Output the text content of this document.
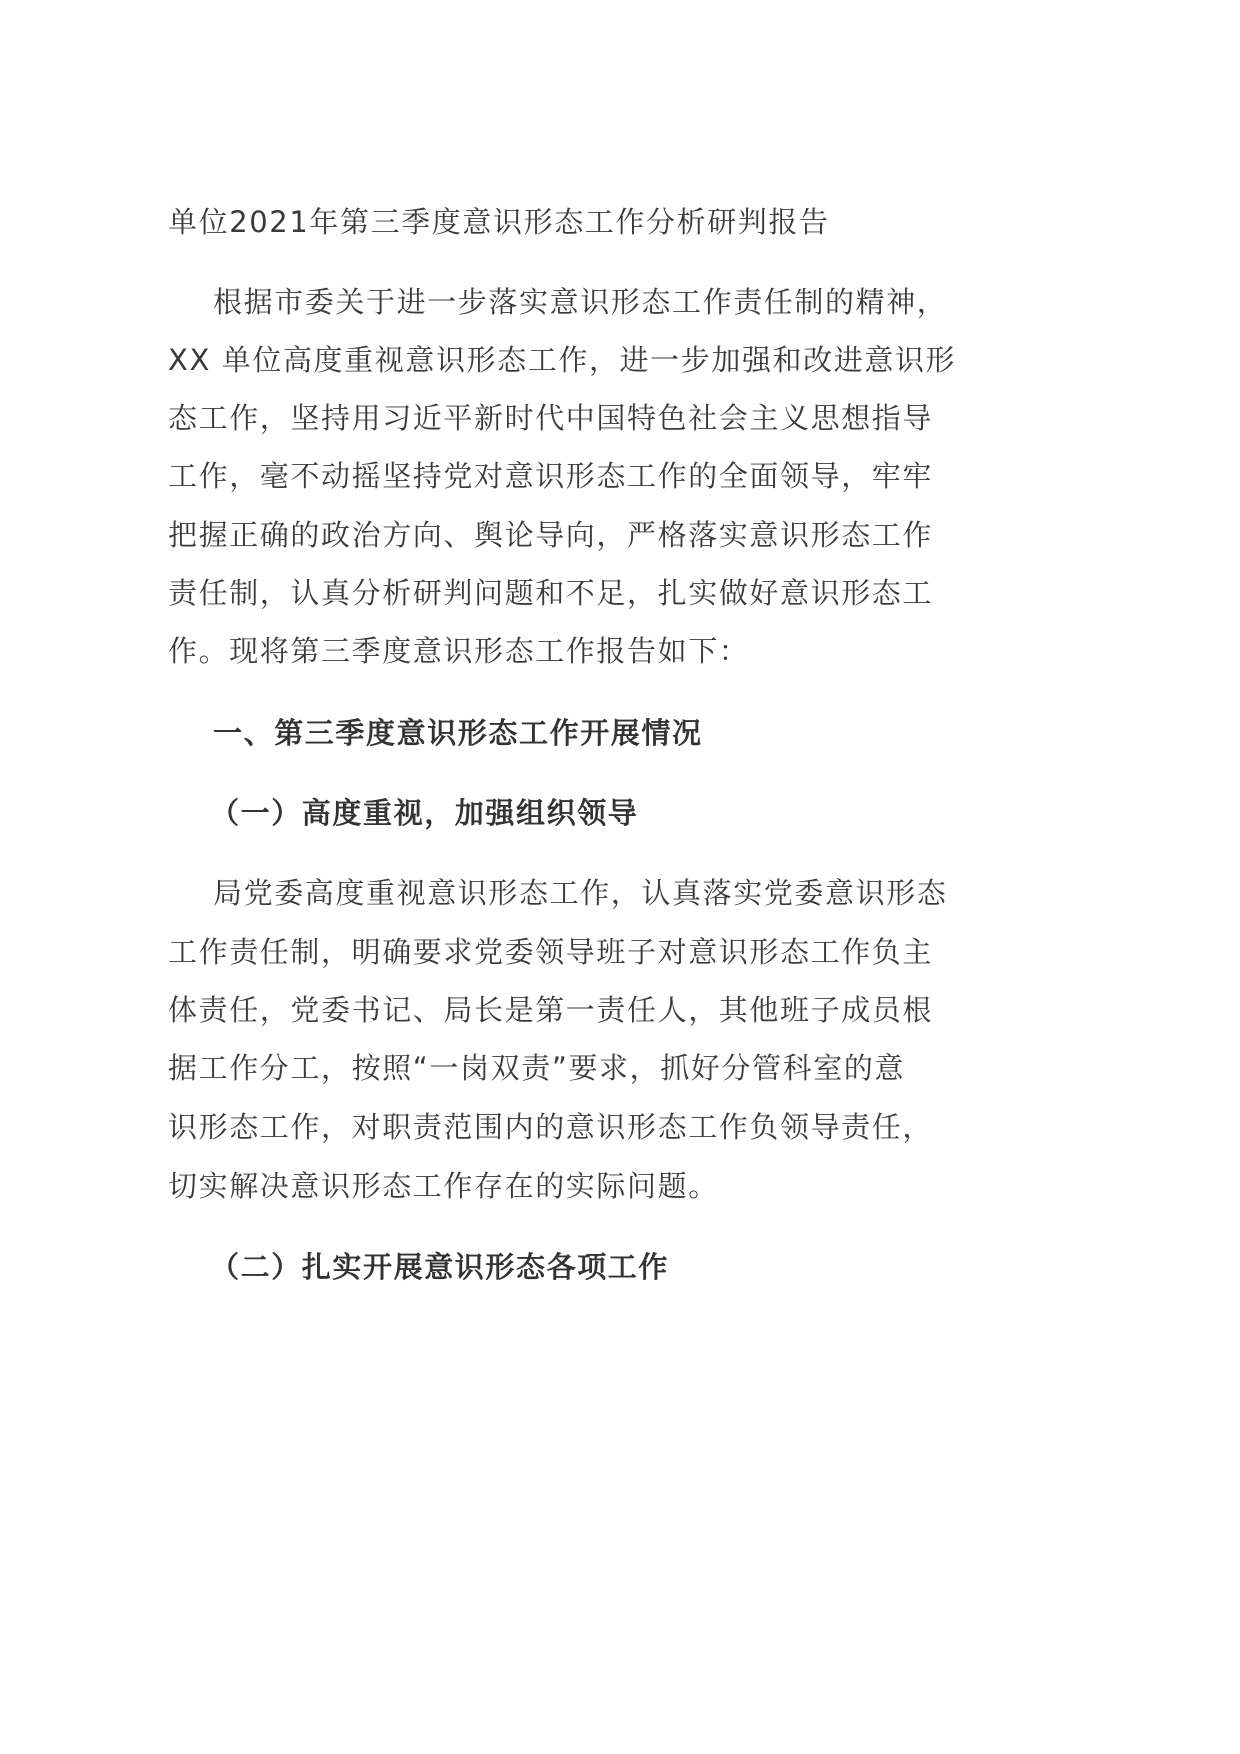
单位2021年第三季度意识形态工作分析研判报告
根据市委关于进一步落实意识形态工作责任制的精神，
XX 单位高度重视意识形态工作，进一步加强和改进意识形
态工作，坚持用习近平新时代中国特色社会主义思想指导
工作，毫不动摇坚持党对意识形态工作的全面领导，牢牢
把握正确的政治方向、舆论导向，严格落实意识形态工作
责任制，认真分析研判问题和不足，扎实做好意识形态工
作。现将第三季度意识形态工作报告如下：
一、第三季度意识形态工作开展情况
（一）高度重视，加强组织领导
局党委高度重视意识形态工作，认真落实党委意识形态
工作责任制，明确要求党委领导班子对意识形态工作负主
体责任，党委书记、局长是第一责任人，其他班子成员根
据工作分工，按照“一岗双责”要求，抓好分管科室的意
识形态工作，对职责范围内的意识形态工作负领导责任，
切实解决意识形态工作存在的实际问题。
（二）扎实开展意识形态各项工作
